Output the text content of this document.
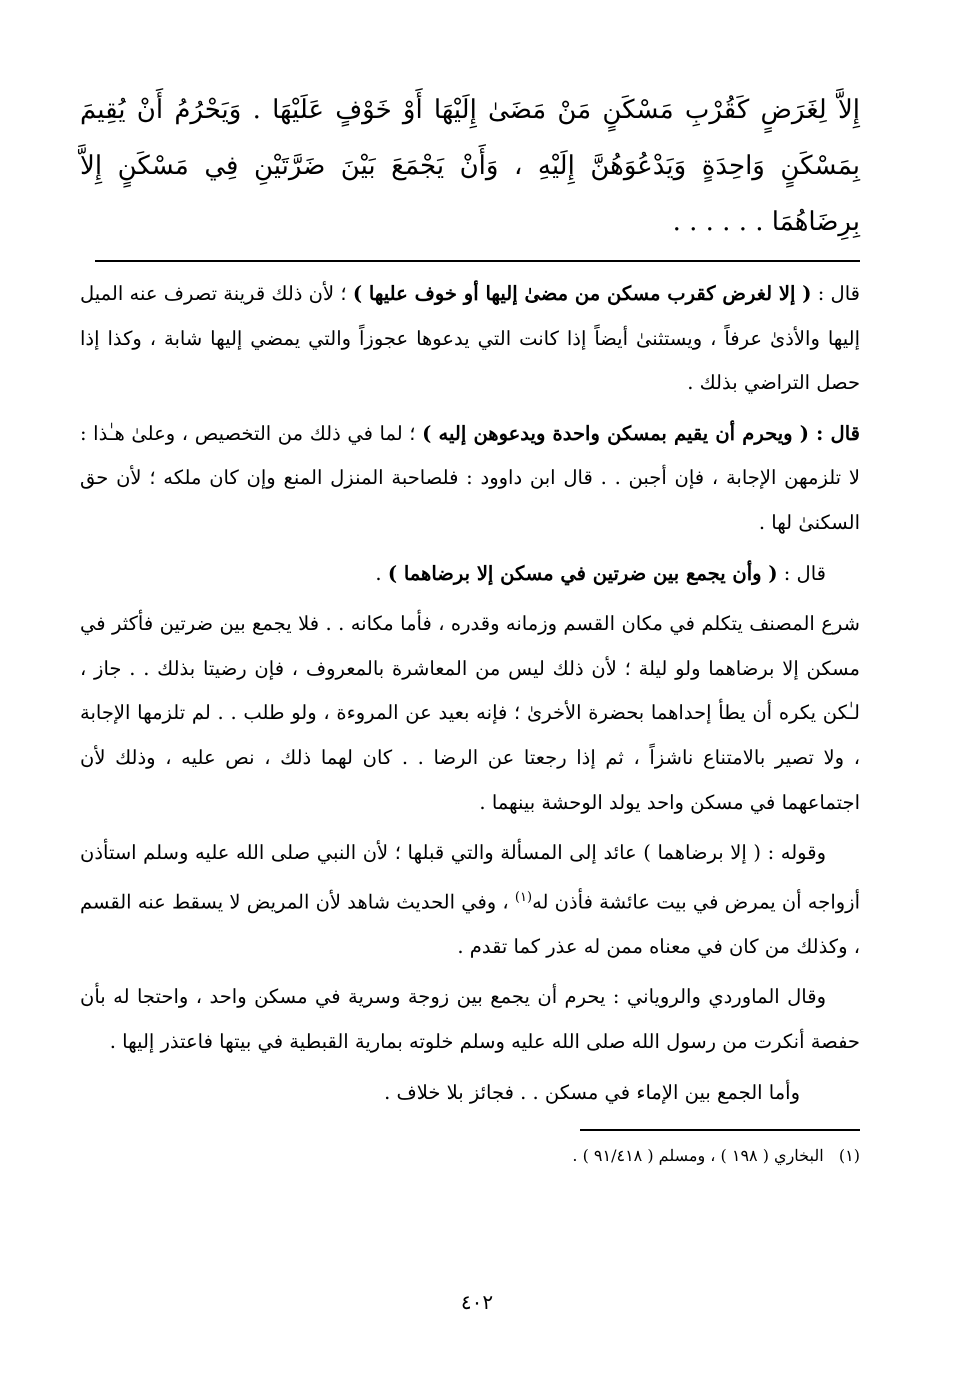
إِلاَّ لِغَرَضٍ كَقُرْبِ مَسْكَنٍ مَنْ مَضَىٰ إِلَيْهَا أَوْ خَوْفٍ عَلَيْهَا . وَيَحْرُمُ أَنْ يُقِيمَ بِمَسْكَنٍ وَاحِدَةٍ وَيَدْعُوَهُنَّ إِلَيْهِ ، وَأَنْ يَجْمَعَ بَيْنَ ضَرَّتَيْنِ فِي مَسْكَنٍ إِلاَّ بِرِضَاهُمَا . . . . . .

قال : ( إلا لغرض كقرب مسكن من مضىٰ إليها أو خوف عليها ) ؛ لأن ذلك قرينة تصرف عنه الميل إليها والأذىٰ عرفاً ، ويستثنىٰ أيضاً إذا كانت التي يدعوها عجوزاً والتي يمضي إليها شابة ، وكذا إذا حصل التراضي بذلك .

قال : ( ويحرم أن يقيم بمسكن واحدة ويدعوهن إليه ) ؛ لما في ذلك من التخصيص ، وعلىٰ هـٰذا : لا تلزمهن الإجابة ، فإن أجبن . . قال ابن داوود : فلصاحبة المنزل المنع وإن كان ملكه ؛ لأن حق السكنىٰ لها .

قال : ( وأن يجمع بين ضرتين في مسكن إلا برضاهما ) .

شرع المصنف يتكلم في مكان القسم وزمانه وقدره ، فأما مكانه . . فلا يجمع بين ضرتين فأكثر في مسكن إلا برضاهما ولو ليلة ؛ لأن ذلك ليس من المعاشرة بالمعروف ، فإن رضيتا بذلك . . جاز ، لـٰكن يكره أن يطأ إحداهما بحضرة الأخرىٰ ؛ فإنه بعيد عن المروءة ، ولو طلب . . لم تلزمها الإجابة ، ولا تصير بالامتناع ناشزاً ، ثم إذا رجعتا عن الرضا . . كان لهما ذلك ، نص عليه ، وذلك لأن اجتماعهما في مسكن واحد يولد الوحشة بينهما .

وقوله : ( إلا برضاهما ) عائد إلى المسألة والتي قبلها ؛ لأن النبي صلى الله عليه وسلم استأذن أزواجه أن يمرض في بيت عائشة فأذن له$^{(١)}$ ، وفي الحديث شاهد لأن المريض لا يسقط عنه القسم ، وكذلك من كان في معناه ممن له عذر كما تقدم .

وقال الماوردي والروياني : يحرم أن يجمع بين زوجة وسرية في مسكن واحد ، واحتجا له بأن حفصة أنكرت من رسول الله صلى الله عليه وسلم خلوته بمارية القبطية في بيتها فاعتذر إليها .

وأما الجمع بين الإماء في مسكن . . فجائز بلا خلاف .

(١)   البخاري ( ١٩٨ ) ، ومسلم ( ٩١/٤١٨ ) .

٤٠٢
